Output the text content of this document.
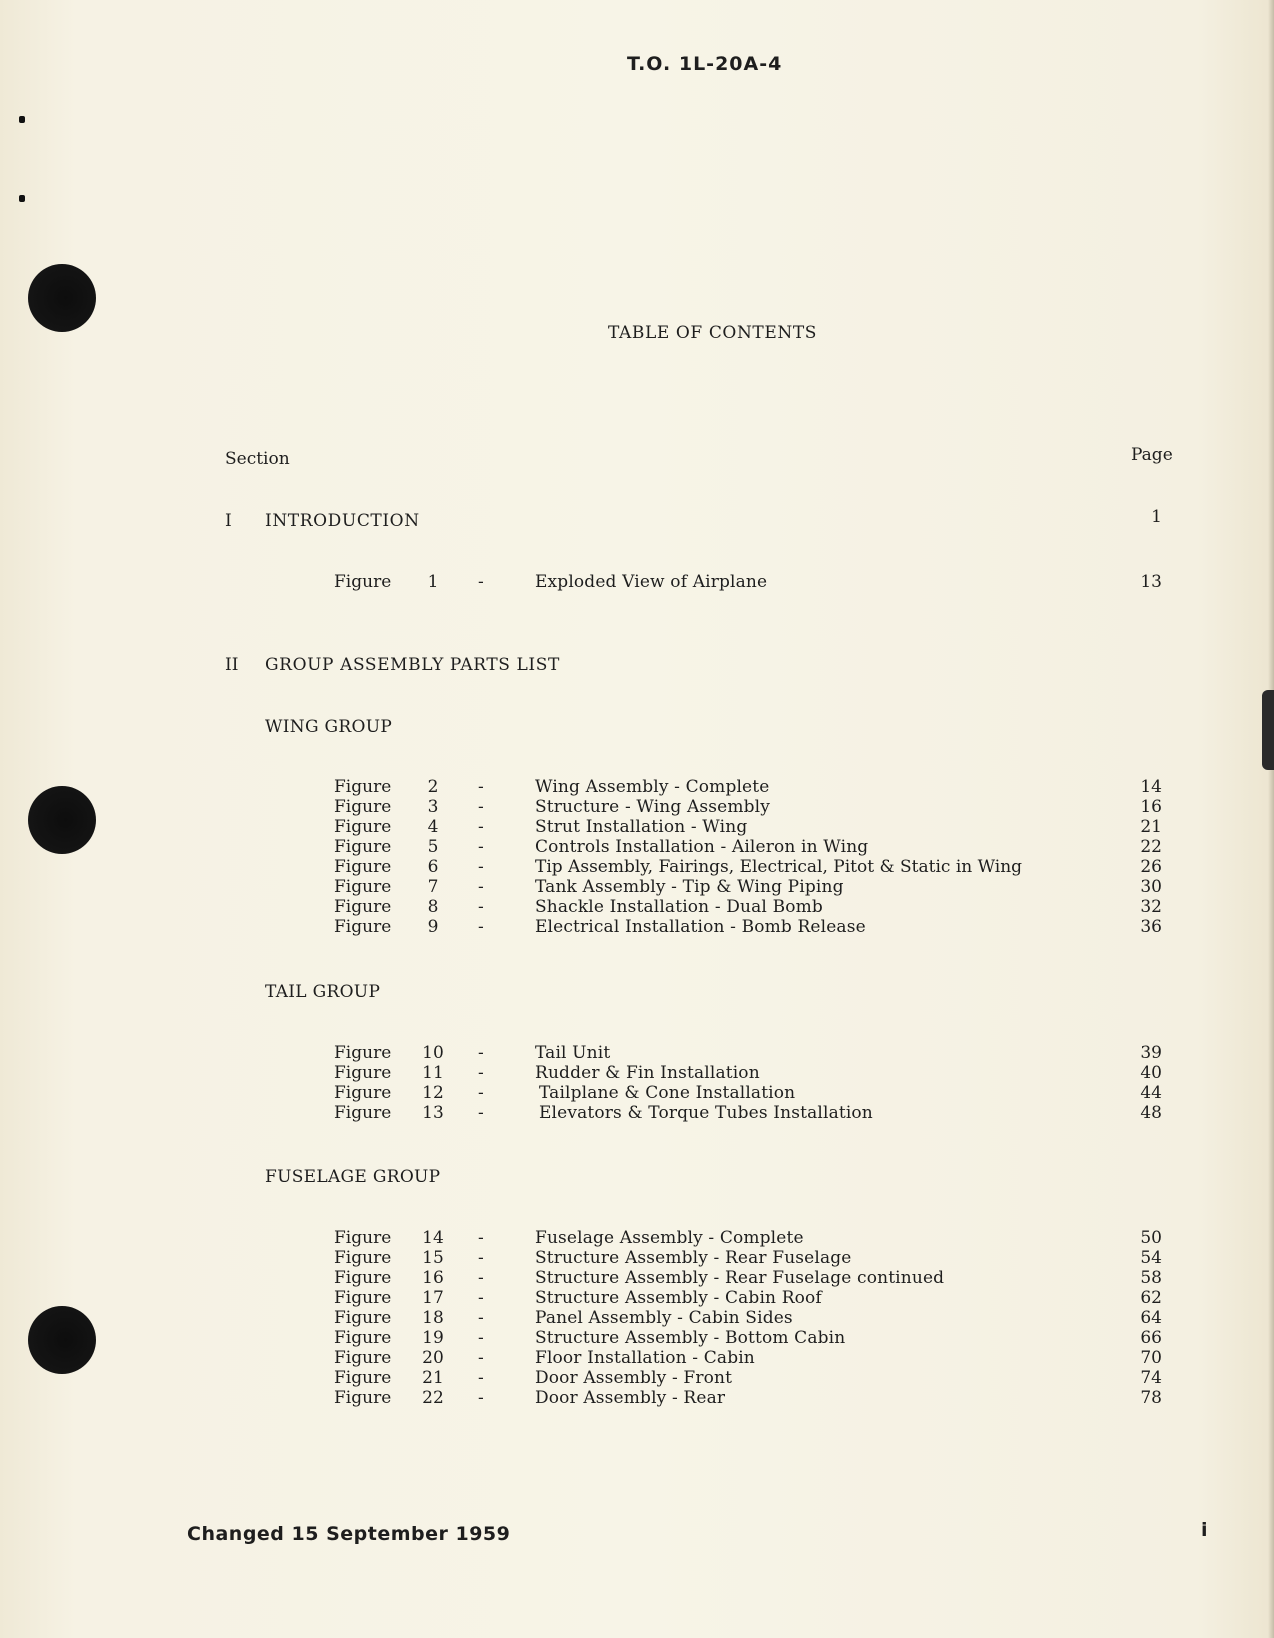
T.O. 1L-20A-4
TABLE OF CONTENTS
Section	Page
I INTRODUCTION	1
Figure	1	-	Exploded View of Airplane	13
II GROUP ASSEMBLY PARTS LIST
WING GROUP
Figure	2	-	Wing Assembly - Complete	14
Figure	3	-	Structure - Wing Assembly	16
Figure	4	-	Strut Installation - Wing	21
Figure	5	-	Controls Installation - Aileron in Wing	22
Figure	6	-	Tip Assembly, Fairings, Electrical, Pitot & Static in Wing	26
Figure	7	-	Tank Assembly - Tip & Wing Piping	30
Figure	8	-	Shackle Installation - Dual Bomb	32
Figure	9	-	Electrical Installation - Bomb Release	36
TAIL GROUP
Figure 10 -	Tail Unit	39
Figure 11 -	Rudder & Fin Installation	40
Figure 12 -	Tailplane & Cone Installation	44
Figure 13 -	Elevators & Torque Tubes Installation	48
FUSELAGE GROUP
Figure 14 -	Fuselage Assembly - Complete	50
Figure 15 -	Structure Assembly - Rear Fuselage	54
Figure 16 -	Structure Assembly - Rear Fuselage continued	58
Figure 17 -	Structure Assembly - Cabin Roof	62
Figure 18 -	Panel Assembly - Cabin Sides	64
Figure 19 -	Structure Assembly - Bottom Cabin	66
Figure 20 -	Floor Installation - Cabin	70
Figure 21 -	Door Assembly - Front	74
Figure 22 -	Door Assembly - Rear	78
Changed 15 September 1959	i
